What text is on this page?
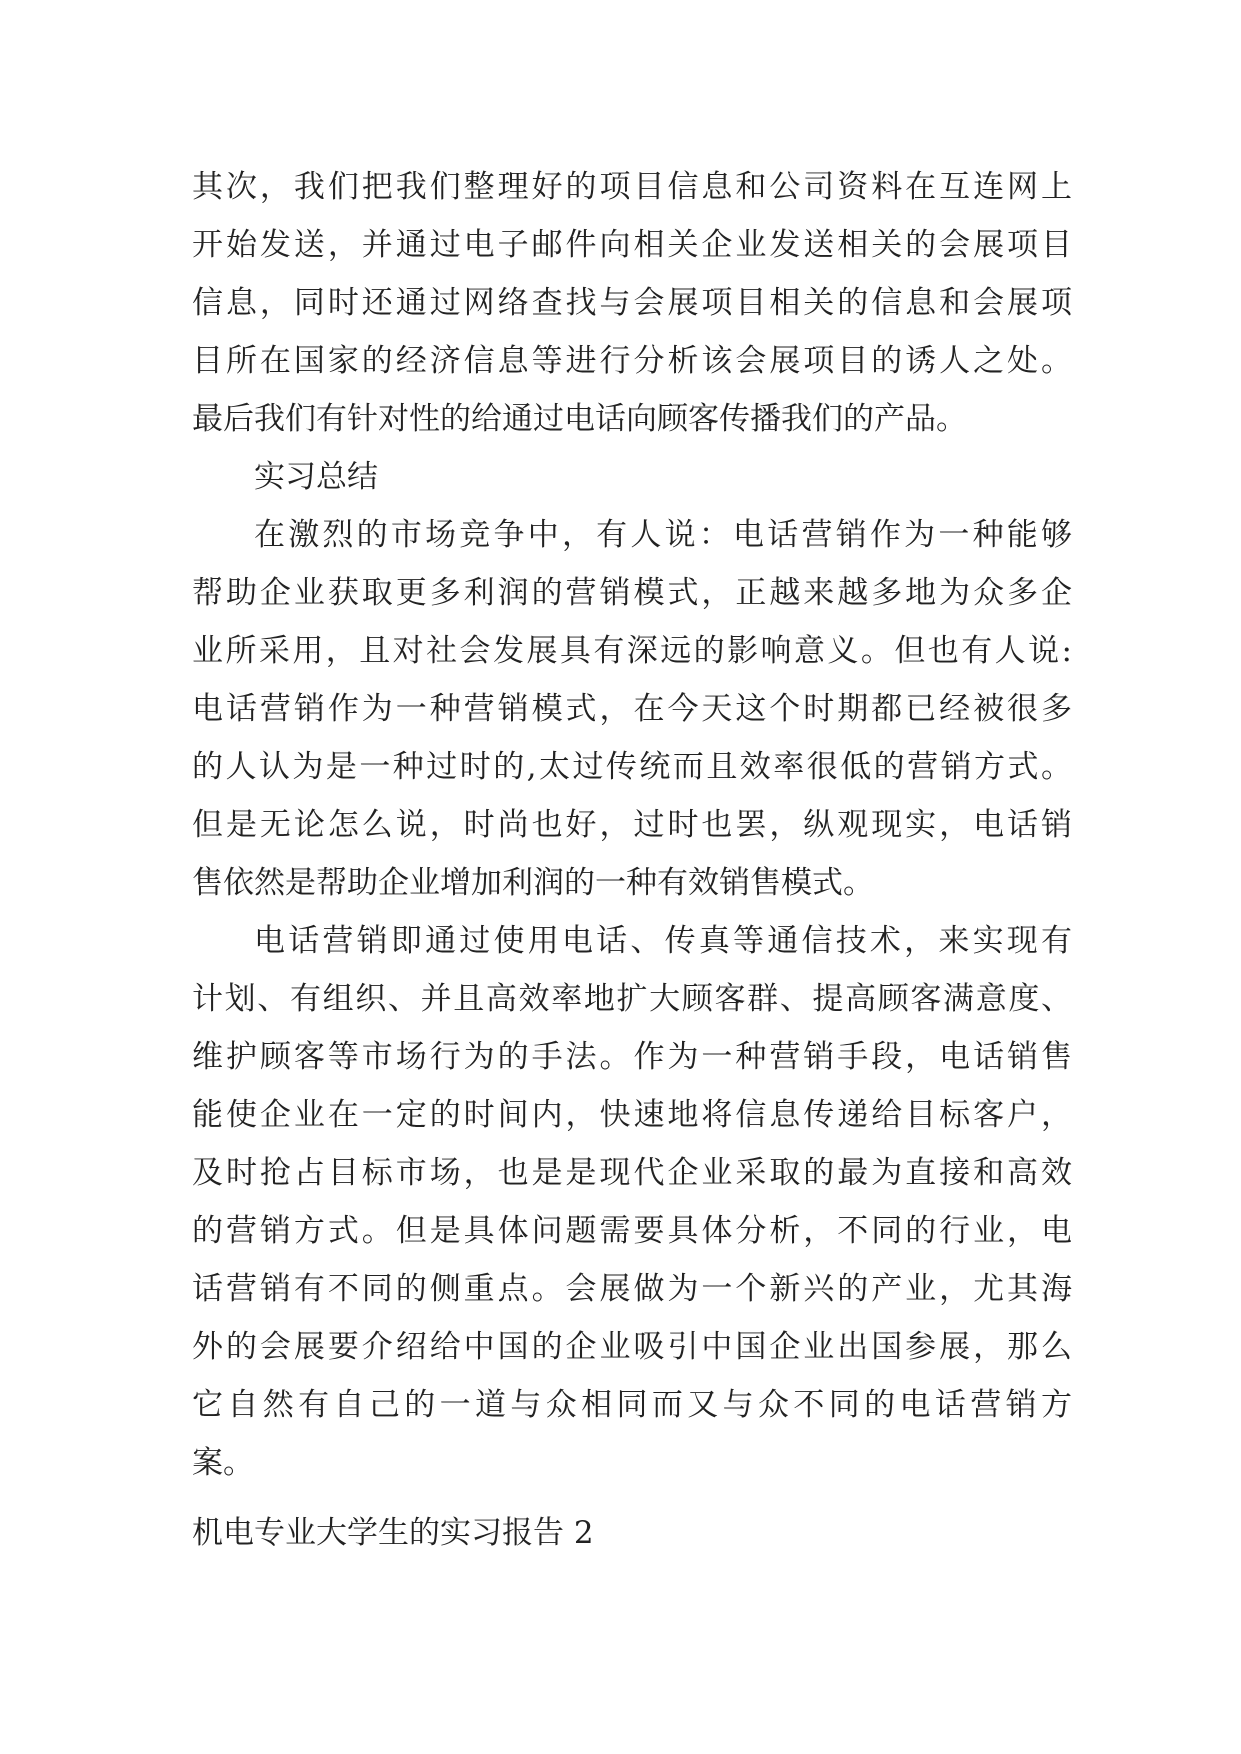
其次，我们把我们整理好的项目信息和公司资料在互连网上
开始发送，并通过电子邮件向相关企业发送相关的会展项目
信息，同时还通过网络查找与会展项目相关的信息和会展项
目所在国家的经济信息等进行分析该会展项目的诱人之处。
最后我们有针对性的给通过电话向顾客传播我们的产品。
实习总结
在激烈的市场竞争中，有人说：电话营销作为一种能够
帮助企业获取更多利润的营销模式，正越来越多地为众多企
业所采用，且对社会发展具有深远的影响意义。但也有人说:
电话营销作为一种营销模式，在今天这个时期都已经被很多
的人认为是一种过时的,太过传统而且效率很低的营销方式。
但是无论怎么说，时尚也好，过时也罢，纵观现实，电话销
售依然是帮助企业增加利润的一种有效销售模式。
电话营销即通过使用电话、传真等通信技术，来实现有
计划、有组织、并且高效率地扩大顾客群、提高顾客满意度、
维护顾客等市场行为的手法。作为一种营销手段，电话销售
能使企业在一定的时间内，快速地将信息传递给目标客户，
及时抢占目标市场，也是是现代企业采取的最为直接和高效
的营销方式。但是具体问题需要具体分析，不同的行业，电
话营销有不同的侧重点。会展做为一个新兴的产业，尤其海
外的会展要介绍给中国的企业吸引中国企业出国参展，那么
它自然有自己的一道与众相同而又与众不同的电话营销方
案。
机电专业大学生的实习报告 2
